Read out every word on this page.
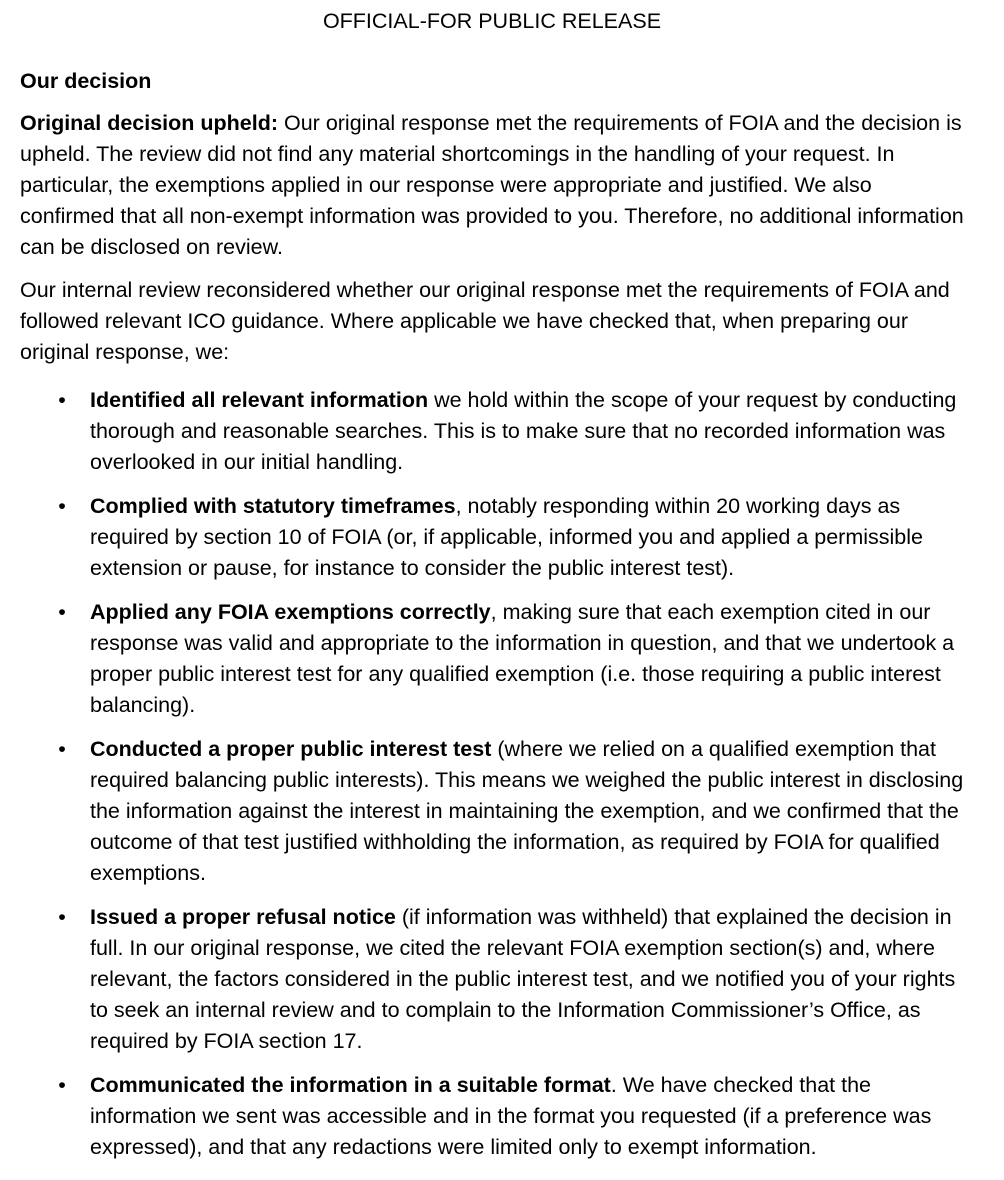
OFFICIAL-FOR PUBLIC RELEASE
Our decision

Original decision upheld: Our original response met the requirements of FOIA and the decision is upheld. The review did not find any material shortcomings in the handling of your request. In particular, the exemptions applied in our response were appropriate and justified. We also confirmed that all non-exempt information was provided to you. Therefore, no additional information can be disclosed on review.

Our internal review reconsidered whether our original response met the requirements of FOIA and followed relevant ICO guidance. Where applicable we have checked that, when preparing our original response, we:

• Identified all relevant information we hold within the scope of your request by conducting thorough and reasonable searches. This is to make sure that no recorded information was overlooked in our initial handling.
• Complied with statutory timeframes, notably responding within 20 working days as required by section 10 of FOIA (or, if applicable, informed you and applied a permissible extension or pause, for instance to consider the public interest test).
• Applied any FOIA exemptions correctly, making sure that each exemption cited in our response was valid and appropriate to the information in question, and that we undertook a proper public interest test for any qualified exemption (i.e. those requiring a public interest balancing).
• Conducted a proper public interest test (where we relied on a qualified exemption that required balancing public interests). This means we weighed the public interest in disclosing the information against the interest in maintaining the exemption, and we confirmed that the outcome of that test justified withholding the information, as required by FOIA for qualified exemptions.
• Issued a proper refusal notice (if information was withheld) that explained the decision in full. In our original response, we cited the relevant FOIA exemption section(s) and, where relevant, the factors considered in the public interest test, and we notified you of your rights to seek an internal review and to complain to the Information Commissioner’s Office, as required by FOIA section 17.
• Communicated the information in a suitable format. We have checked that the information we sent was accessible and in the format you requested (if a preference was expressed), and that any redactions were limited only to exempt information.
